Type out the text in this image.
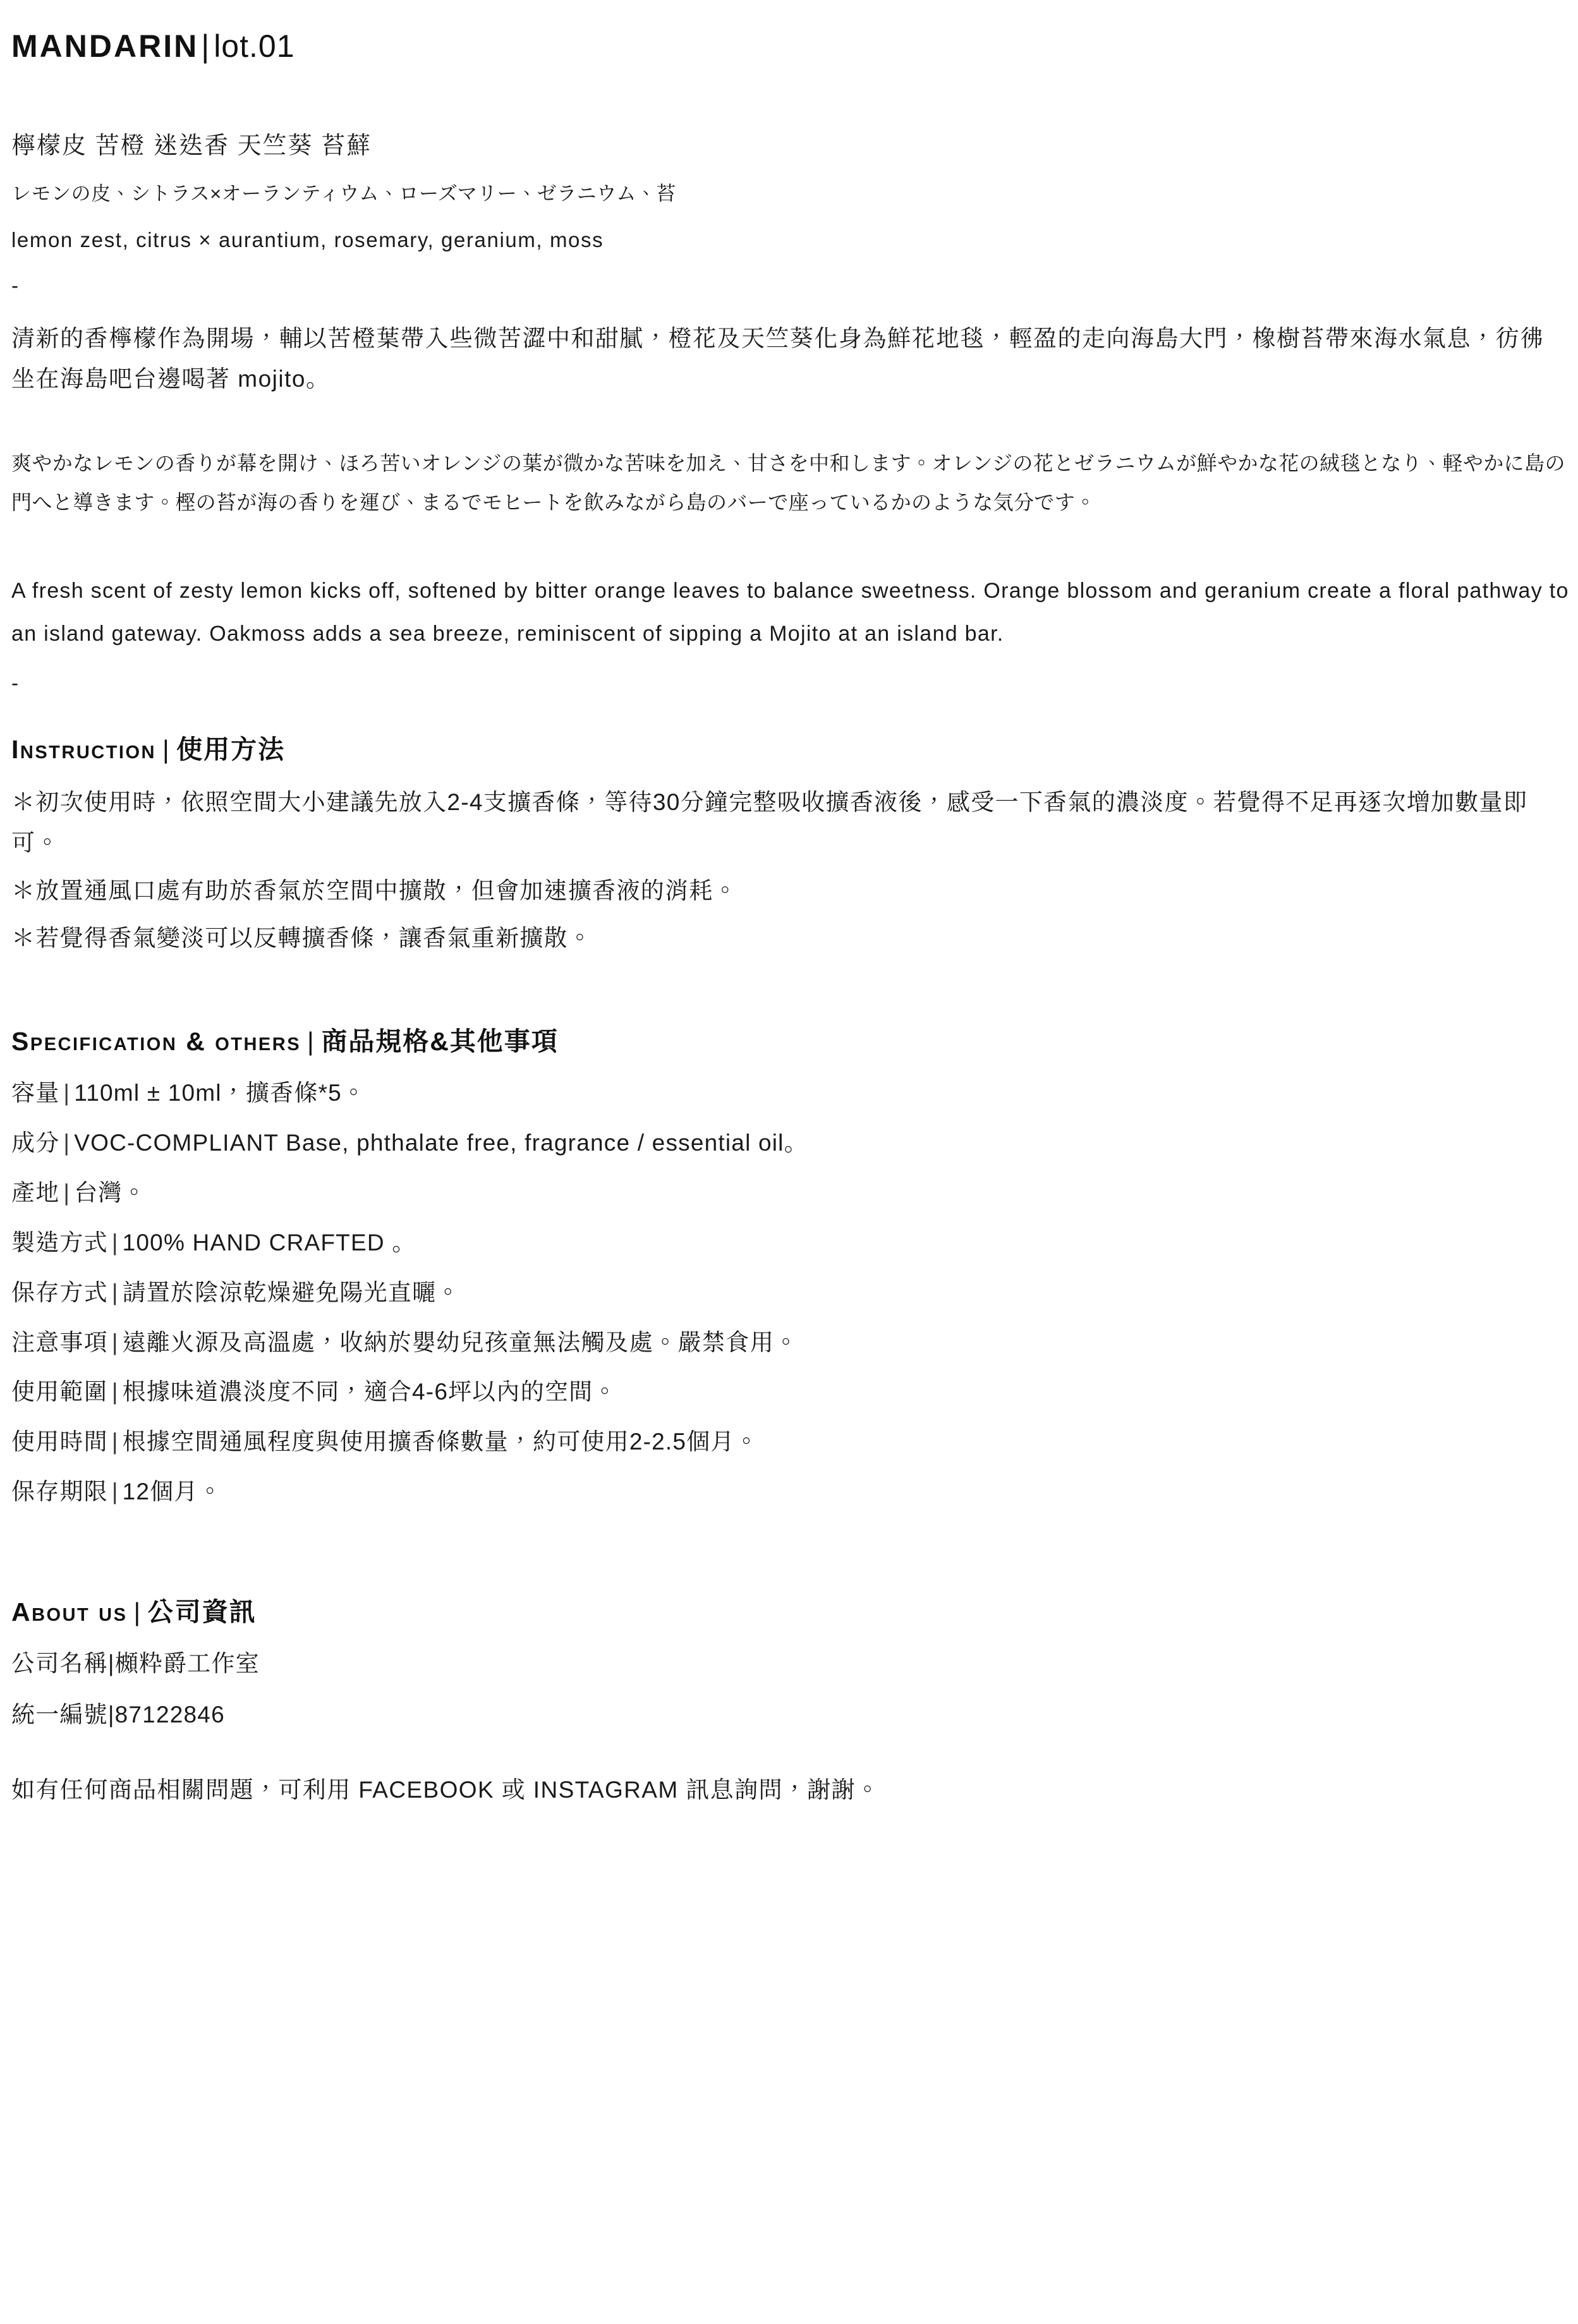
MANDARIN|lot.01

檸檬皮 苦橙 迷迭香 天竺葵 苔蘚

レモンの皮、シトラス×オーランティウム、ローズマリー、ゼラニウム、苔

lemon zest, citrus × aurantium, rosemary, geranium, moss

-

清新的香檸檬作為開場，輔以苦橙葉帶入些微苦澀中和甜膩，橙花及天竺葵化身為鮮花地毯，輕盈的走向海島大門，橡樹苔帶來海水氣息，彷彿坐在海島吧台邊喝著 mojito。

爽やかなレモンの香りが幕を開け、ほろ苦いオレンジの葉が微かな苦味を加え、甘さを中和します。オレンジの花とゼラニウムが鮮やかな花の絨毯となり、軽やかに島の門へと導きます。樫の苔が海の香りを運び、まるでモヒートを飲みながら島のバーで座っているかのような気分です。

A fresh scent of zesty lemon kicks off, softened by bitter orange leaves to balance sweetness. Orange blossom and geranium create a floral pathway to an island gateway. Oakmoss adds a sea breeze, reminiscent of sipping a Mojito at an island bar.

-

Instruction | 使用方法

＊初次使用時，依照空間大小建議先放入2-4支擴香條，等待30分鐘完整吸收擴香液後，感受一下香氣的濃淡度。若覺得不足再逐次增加數量即可。

＊放置通風口處有助於香氣於空間中擴散，但會加速擴香液的消耗。

＊若覺得香氣變淡可以反轉擴香條，讓香氣重新擴散。

Specification & others | 商品規格&其他事項

容量 | 110ml ± 10ml，擴香條*5。

成分 | VOC-COMPLIANT Base, phthalate free, fragrance / essential oil。

產地 | 台灣。

製造方式 | 100% HAND CRAFTED 。

保存方式 | 請置於陰涼乾燥避免陽光直曬。

注意事項 | 遠離火源及高溫處，收納於嬰幼兒孩童無法觸及處。嚴禁食用。

使用範圍 | 根據味道濃淡度不同，適合4-6坪以內的空間。

使用時間 | 根據空間通風程度與使用擴香條數量，約可使用2-2.5個月。

保存期限 | 12個月。

About us | 公司資訊

公司名稱|櫇粋爵工作室

統一編號|87122846

如有任何商品相關問題，可利用 FACEBOOK 或 INSTAGRAM 訊息詢問，謝謝。
